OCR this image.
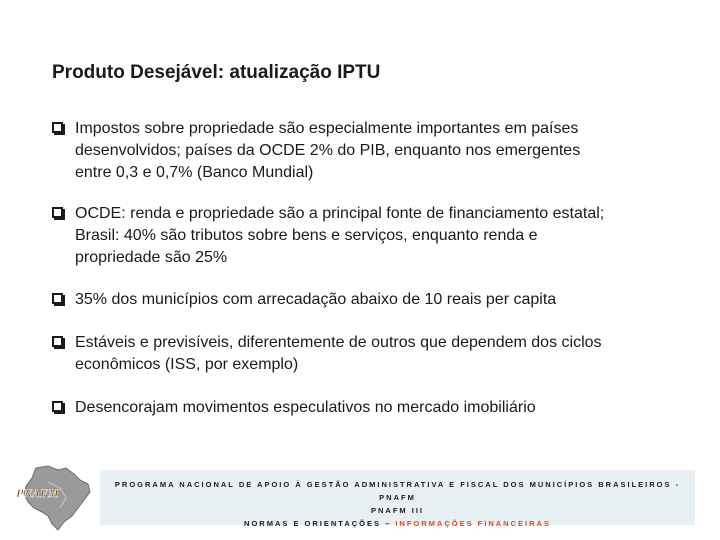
Produto Desejável: atualização IPTU
Impostos sobre propriedade são especialmente importantes em países
desenvolvidos; países da OCDE 2% do PIB, enquanto nos emergentes
entre 0,3 e 0,7% (Banco Mundial)
OCDE: renda e propriedade são a principal fonte de financiamento estatal;
Brasil: 40% são tributos sobre bens e serviços, enquanto renda e
propriedade são 25%
35% dos municípios com arrecadação abaixo de 10 reais per capita
Estáveis e previsíveis, diferentemente de outros que dependem dos ciclos
econômicos (ISS, por exemplo)
Desencorajam movimentos especulativos no mercado imobiliário
PNAFM
PROGRAMA NACIONAL DE APOIO À GESTÃO ADMINISTRATIVA E FISCAL DOS MUNICÍPIOS BRASILEIROS - PNAFM
PNAFM III
NORMAS E ORIENTAÇÕES – INFORMAÇÕES FINANCEIRAS
